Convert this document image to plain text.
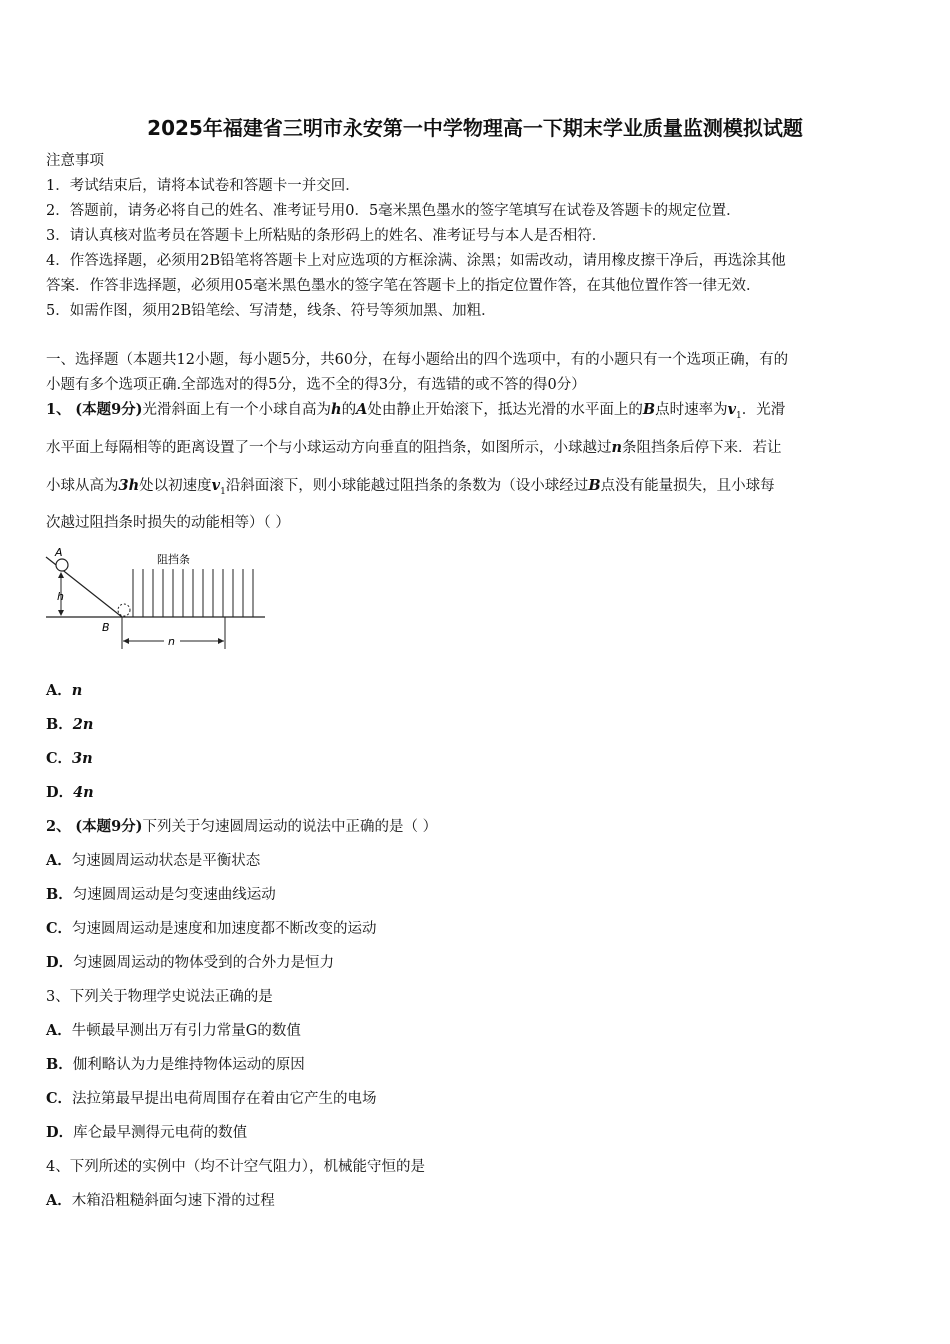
2025年福建省三明市永安第一中学物理高一下期末学业质量监测模拟试题
注意事项
1．考试结束后，请将本试卷和答题卡一并交回．
2．答题前，请务必将自己的姓名、准考证号用0．5毫米黑色墨水的签字笔填写在试卷及答题卡的规定位置．
3．请认真核对监考员在答题卡上所粘贴的条形码上的姓名、准考证号与本人是否相符．
4．作答选择题，必须用2B铅笔将答题卡上对应选项的方框涂满、涂黑；如需改动，请用橡皮擦干净后，再选涂其他
答案．作答非选择题，必须用05毫米黑色墨水的签字笔在答题卡上的指定位置作答，在其他位置作答一律无效．
5．如需作图，须用2B铅笔绘、写清楚，线条、符号等须加黑、加粗．
一、选择题（本题共12小题，每小题5分，共60分，在每小题给出的四个选项中，有的小题只有一个选项正确，有的
小题有多个选项正确.全部选对的得5分，选不全的得3分，有选错的或不答的得0分）
1、 (本题9分)光滑斜面上有一个小球自高为h的A处由静止开始滚下，抵达光滑的水平面上的B点时速率为$v_1$．光滑
水平面上每隔相等的距离设置了一个与小球运动方向垂直的阻挡条，如图所示，小球越过n条阻挡条后停下来．若让
小球从高为3h处以初速度$v_1$沿斜面滚下，则小球能越过阻挡条的条数为（设小球经过B点没有能量损失，且小球每
次越过阻挡条时损失的动能相等）（ ）
A
h
B
阻挡条
n
A．n
B．2n
C．3n
D．4n
2、 (本题9分)下列关于匀速圆周运动的说法中正确的是（ ）
A．匀速圆周运动状态是平衡状态
B．匀速圆周运动是匀变速曲线运动
C．匀速圆周运动是速度和加速度都不断改变的运动
D．匀速圆周运动的物体受到的合外力是恒力
3、下列关于物理学史说法正确的是
A．牛顿最早测出万有引力常量G的数值
B．伽利略认为力是维持物体运动的原因
C．法拉第最早提出电荷周围存在着由它产生的电场
D．库仑最早测得元电荷的数值
4、下列所述的实例中（均不计空气阻力），机械能守恒的是
A．木箱沿粗糙斜面匀速下滑的过程
